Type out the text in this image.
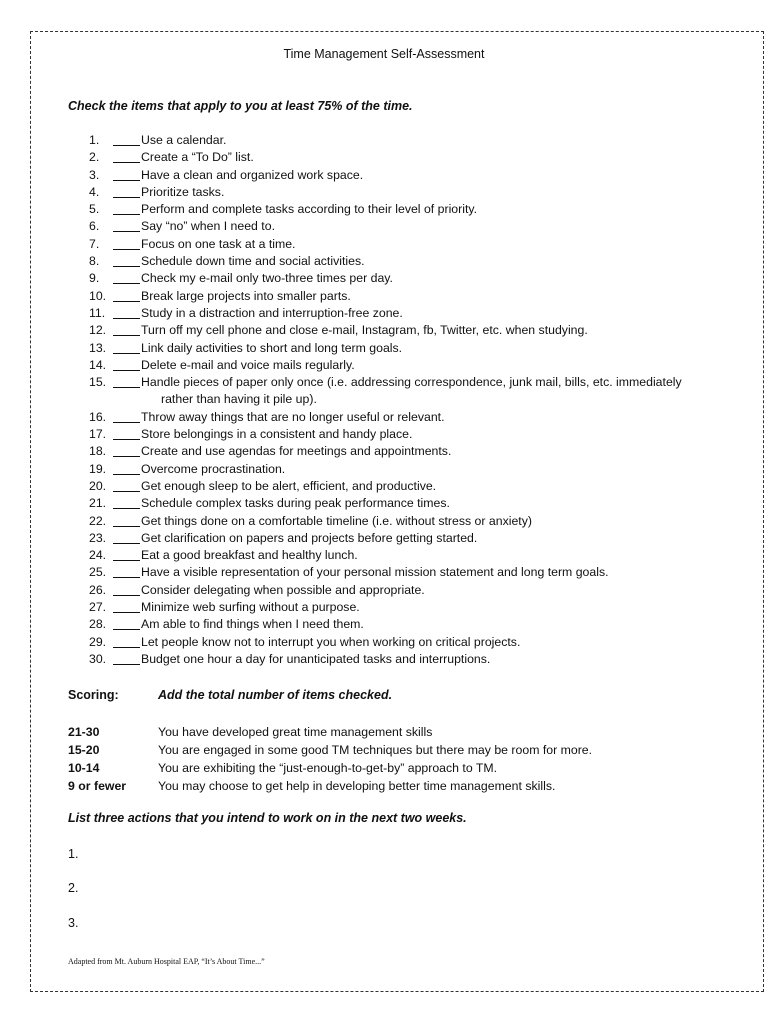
Time Management Self-Assessment
Check the items that apply to you at least 75% of the time.
1.	Use a calendar.
2.	Create a “To Do” list.
3.	Have a clean and organized work space.
4.	Prioritize tasks.
5.	Perform and complete tasks according to their level of priority.
6.	Say “no” when I need to.
7.	Focus on one task at a time.
8.	Schedule down time and social activities.
9.	Check my e-mail only two-three times per day.
10.	Break large projects into smaller parts.
11.	Study in a distraction and interruption-free zone.
12.	Turn off my cell phone and close e-mail, Instagram, fb, Twitter, etc. when studying.
13.	Link daily activities to short and long term goals.
14.	Delete e-mail and voice mails regularly.
15.	Handle pieces of paper only once (i.e. addressing correspondence, junk mail, bills, etc. immediately
rather than having it pile up).
16.	Throw away things that are no longer useful or relevant.
17.	Store belongings in a consistent and handy place.
18.	Create and use agendas for meetings and appointments.
19.	Overcome procrastination.
20.	Get enough sleep to be alert, efficient, and productive.
21.	Schedule complex tasks during peak performance times.
22.	Get things done on a comfortable timeline (i.e. without stress or anxiety)
23.	Get clarification on papers and projects before getting started.
24.	Eat a good breakfast and healthy lunch.
25.	Have a visible representation of your personal mission statement and long term goals.
26.	Consider delegating when possible and appropriate.
27.	Minimize web surfing without a purpose.
28.	Am able to find things when I need them.
29.	Let people know not to interrupt you when working on critical projects.
30.	Budget one hour a day for unanticipated tasks and interruptions.
Scoring:	Add the total number of items checked.
21-30	You have developed great time management skills
15-20	You are engaged in some good TM techniques but there may be room for more.
10-14	You are exhibiting the “just-enough-to-get-by” approach to TM.
9 or fewer	You may choose to get help in developing better time management skills.
List three actions that you intend to work on in the next two weeks.
1.
2.
3.
Adapted from Mt. Auburn Hospital EAP, “It’s About Time...”
